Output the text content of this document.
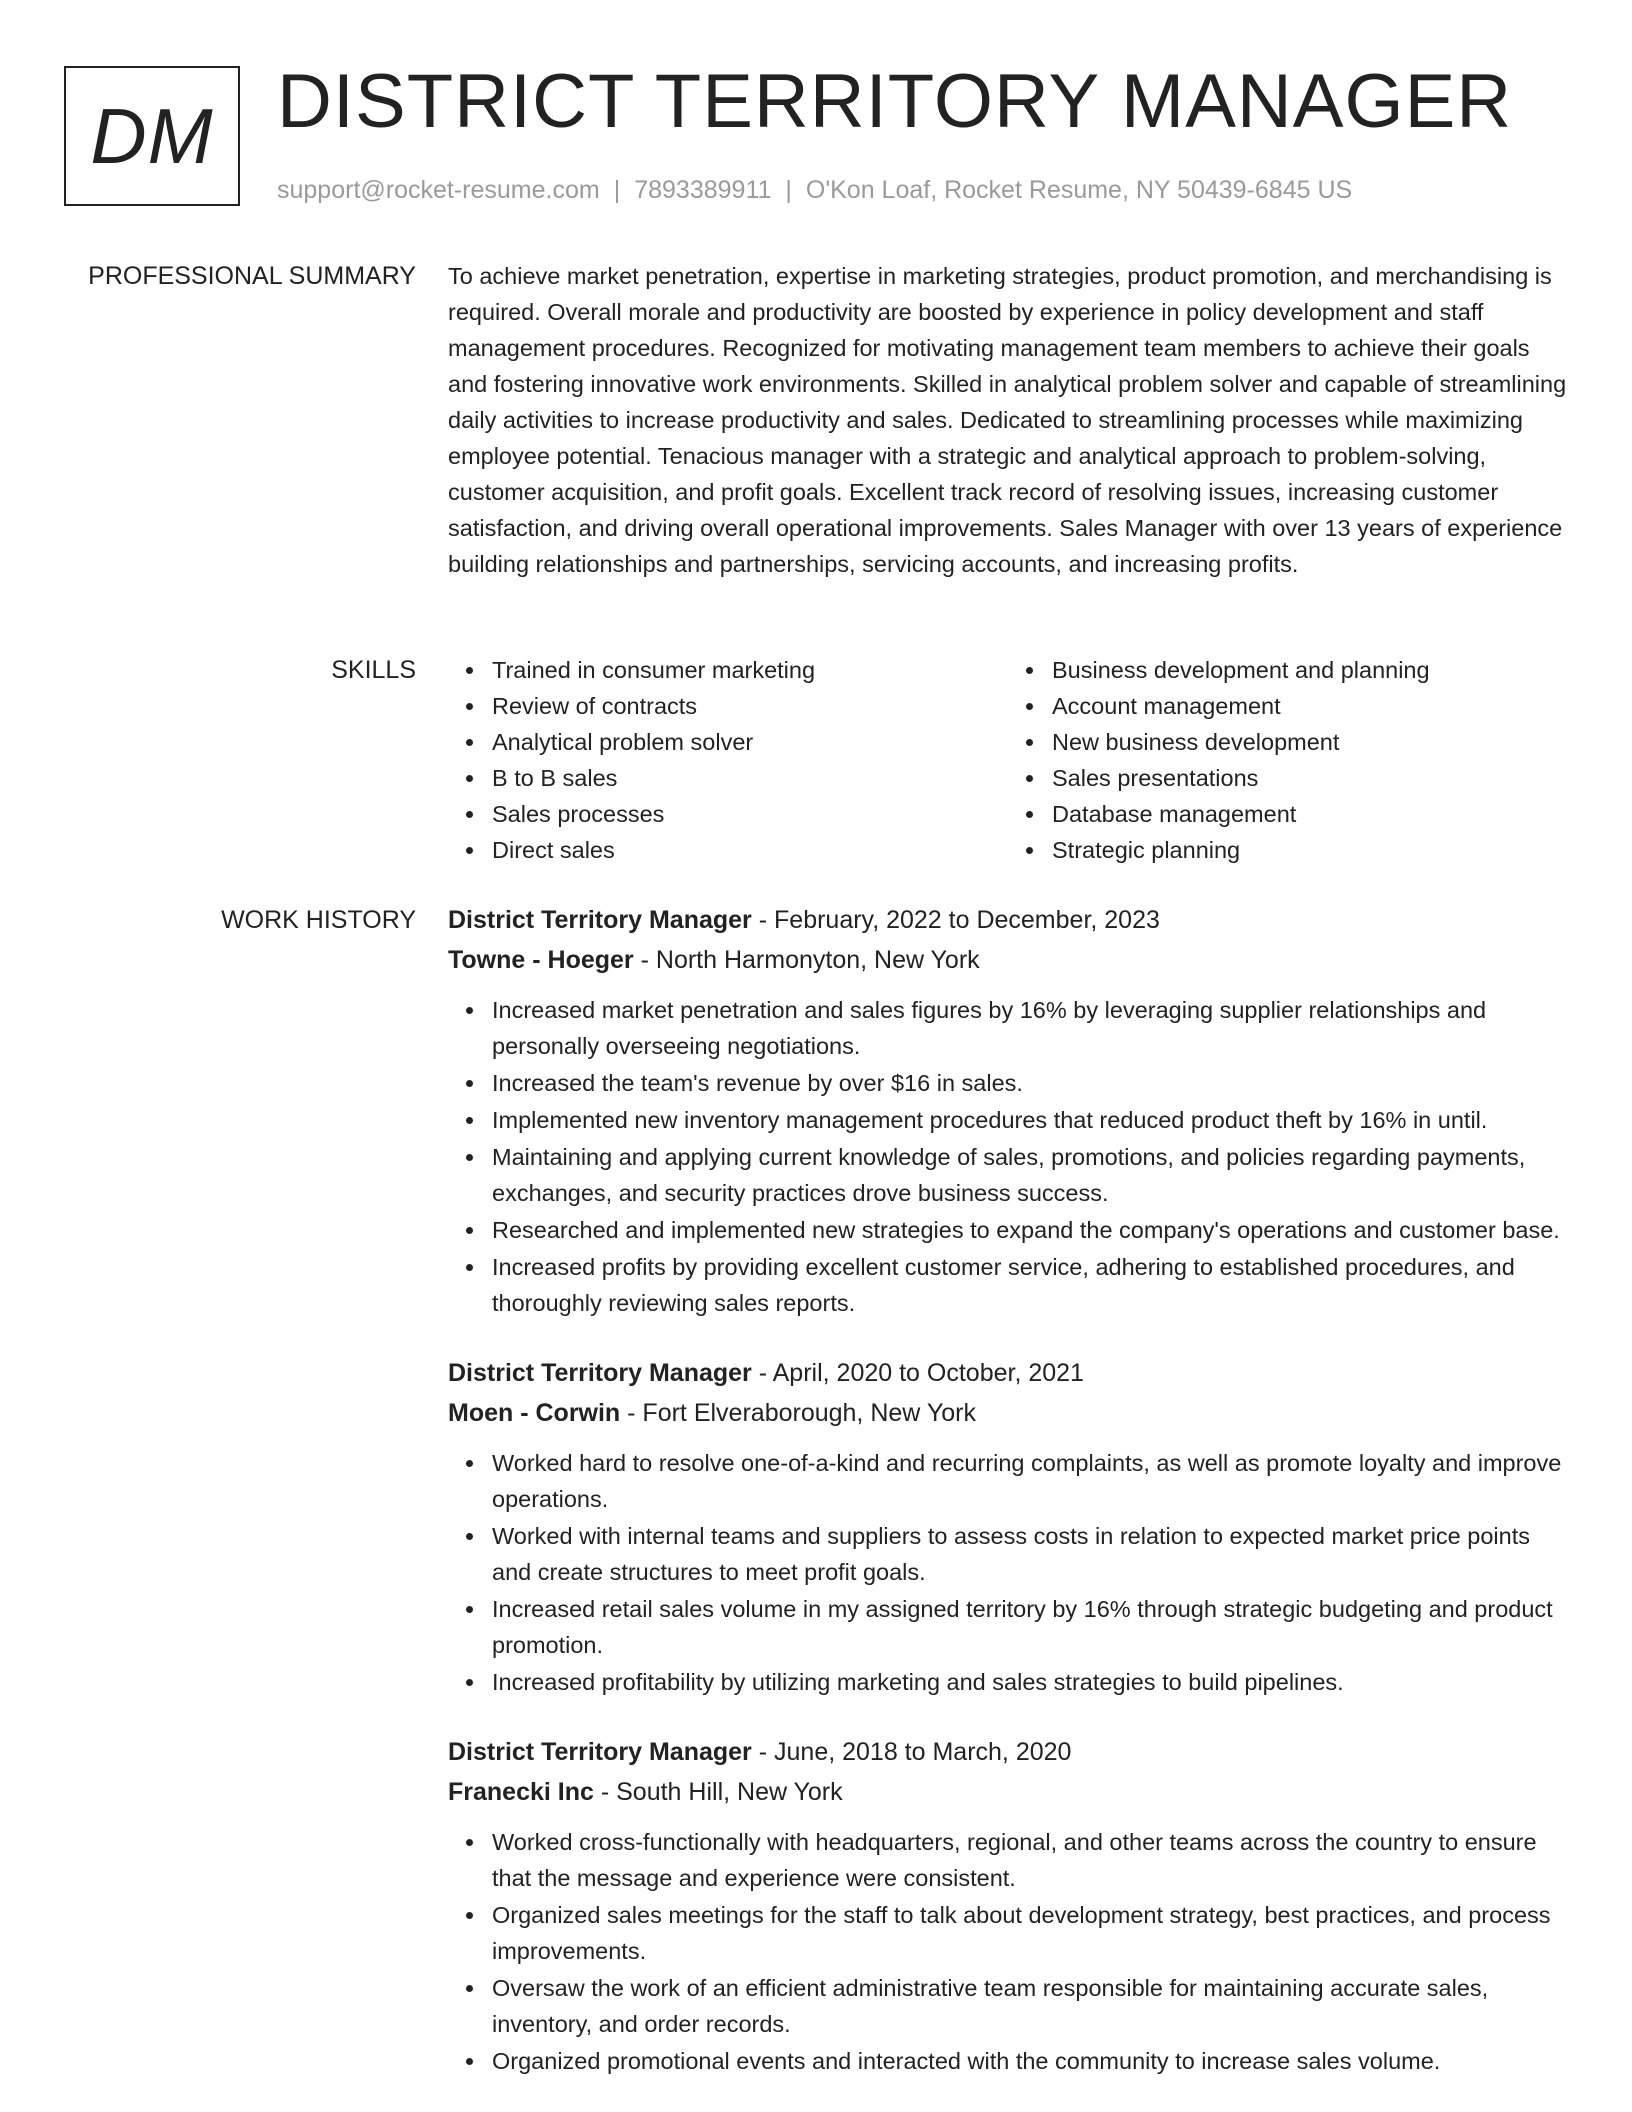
DM DISTRICT TERRITORY MANAGER
support@rocket-resume.com | 7893389911 | O'Kon Loaf, Rocket Resume, NY 50439-6845 US
PROFESSIONAL SUMMARY To achieve market penetration, expertise in marketing strategies, product promotion, and merchandising is required. Overall morale and productivity are boosted by experience in policy development and staff management procedures. Recognized for motivating management team members to achieve their goals and fostering innovative work environments. Skilled in analytical problem solver and capable of streamlining daily activities to increase productivity and sales. Dedicated to streamlining processes while maximizing employee potential. Tenacious manager with a strategic and analytical approach to problem-solving, customer acquisition, and profit goals. Excellent track record of resolving issues, increasing customer satisfaction, and driving overall operational improvements. Sales Manager with over 13 years of experience building relationships and partnerships, servicing accounts, and increasing profits.

SKILLS	Trained in consumer marketing
Review of contracts
Analytical problem solver
B to B sales
Sales processes
Direct sales
Business development and planning
Account management
New business development
Sales presentations
Database management
Strategic planning
WORK HISTORY District Territory Manager - February, 2022 to December, 2023
Towne - Hoeger - North Harmonyton, New York
Increased market penetration and sales figures by 16% by leveraging supplier relationships and personally overseeing negotiations.
Increased the team's revenue by over $16 in sales.
Implemented new inventory management procedures that reduced product theft by 16% in until.
Maintaining and applying current knowledge of sales, promotions, and policies regarding payments, exchanges, and security practices drove business success.
Researched and implemented new strategies to expand the company's operations and customer base.
Increased profits by providing excellent customer service, adhering to established procedures, and thoroughly reviewing sales reports.
District Territory Manager - April, 2020 to October, 2021
Moen - Corwin - Fort Elveraborough, New York
Worked hard to resolve one-of-a-kind and recurring complaints, as well as promote loyalty and improve operations.
Worked with internal teams and suppliers to assess costs in relation to expected market price points and create structures to meet profit goals.
Increased retail sales volume in my assigned territory by 16% through strategic budgeting and product promotion.
Increased profitability by utilizing marketing and sales strategies to build pipelines.
District Territory Manager - June, 2018 to March, 2020
Franecki Inc - South Hill, New York
Worked cross-functionally with headquarters, regional, and other teams across the country to ensure that the message and experience were consistent.
Organized sales meetings for the staff to talk about development strategy, best practices, and process improvements.
Oversaw the work of an efficient administrative team responsible for maintaining accurate sales, inventory, and order records.
Organized promotional events and interacted with the community to increase sales volume.
